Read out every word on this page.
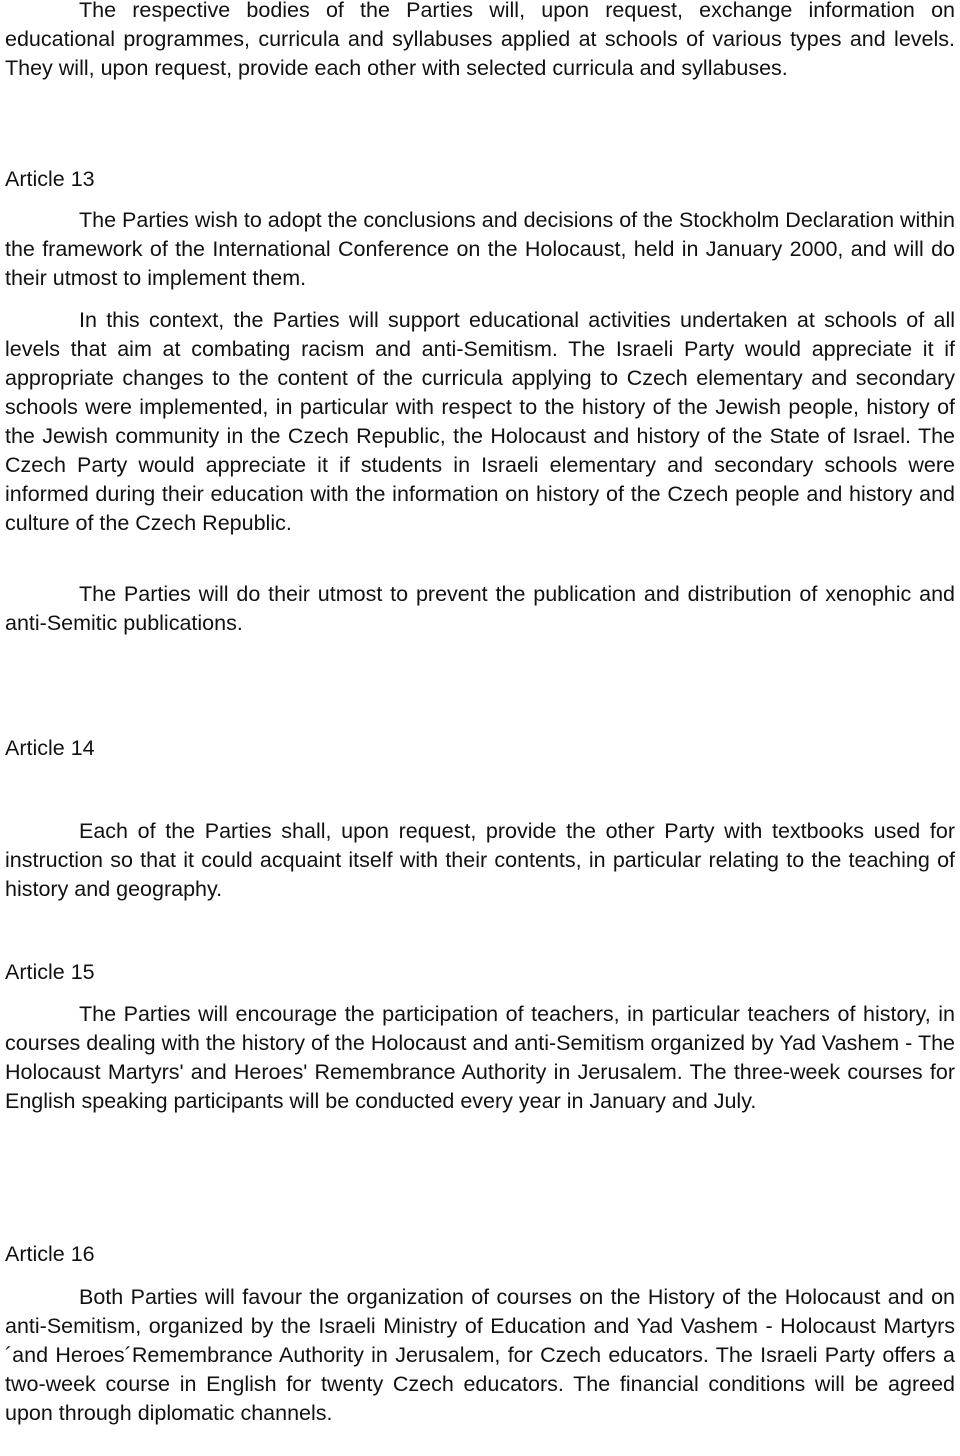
The respective bodies of the Parties will, upon request, exchange information on educational programmes, curricula and syllabuses applied at schools of various types and levels. They will, upon request, provide each other with selected curricula and syllabuses.

Article 13

The Parties wish to adopt the conclusions and decisions of the Stockholm Declaration within the framework of the International Conference on the Holocaust, held in January 2000, and will do their utmost to implement them.

In this context, the Parties will support educational activities undertaken at schools of all levels that aim at combating racism and anti-Semitism. The Israeli Party would appreciate it if appropriate changes to the content of the curricula applying to Czech elementary and secondary schools were implemented, in particular with respect to the history of the Jewish people, history of the Jewish community in the Czech Republic, the Holocaust and history of the State of Israel. The Czech Party would appreciate it if students in Israeli elementary and secondary schools were informed during their education with the information on history of the Czech people and history and culture of the Czech Republic.

The Parties will do their utmost to prevent the publication and distribution of xenophic and anti-Semitic publications.

Article 14

Each of the Parties shall, upon request, provide the other Party with textbooks used for instruction so that it could acquaint itself with their contents, in particular relating to the teaching of history and geography.

Article 15

The Parties will encourage the participation of teachers, in particular teachers of history, in courses dealing with the history of the Holocaust and anti-Semitism organized by Yad Vashem - The Holocaust Martyrs' and Heroes' Remembrance Authority in Jerusalem. The three-week courses for English speaking participants will be conducted every year in January and July.

Article 16

Both Parties will favour the organization of courses on the History of the Holocaust and on anti-Semitism, organized by the Israeli Ministry of Education and Yad Vashem - Holocaust Martyrs´and Heroes´Remembrance Authority in Jerusalem, for Czech educators. The Israeli Party offers a two-week course in English for twenty Czech educators. The financial conditions will be agreed upon through diplomatic channels.
